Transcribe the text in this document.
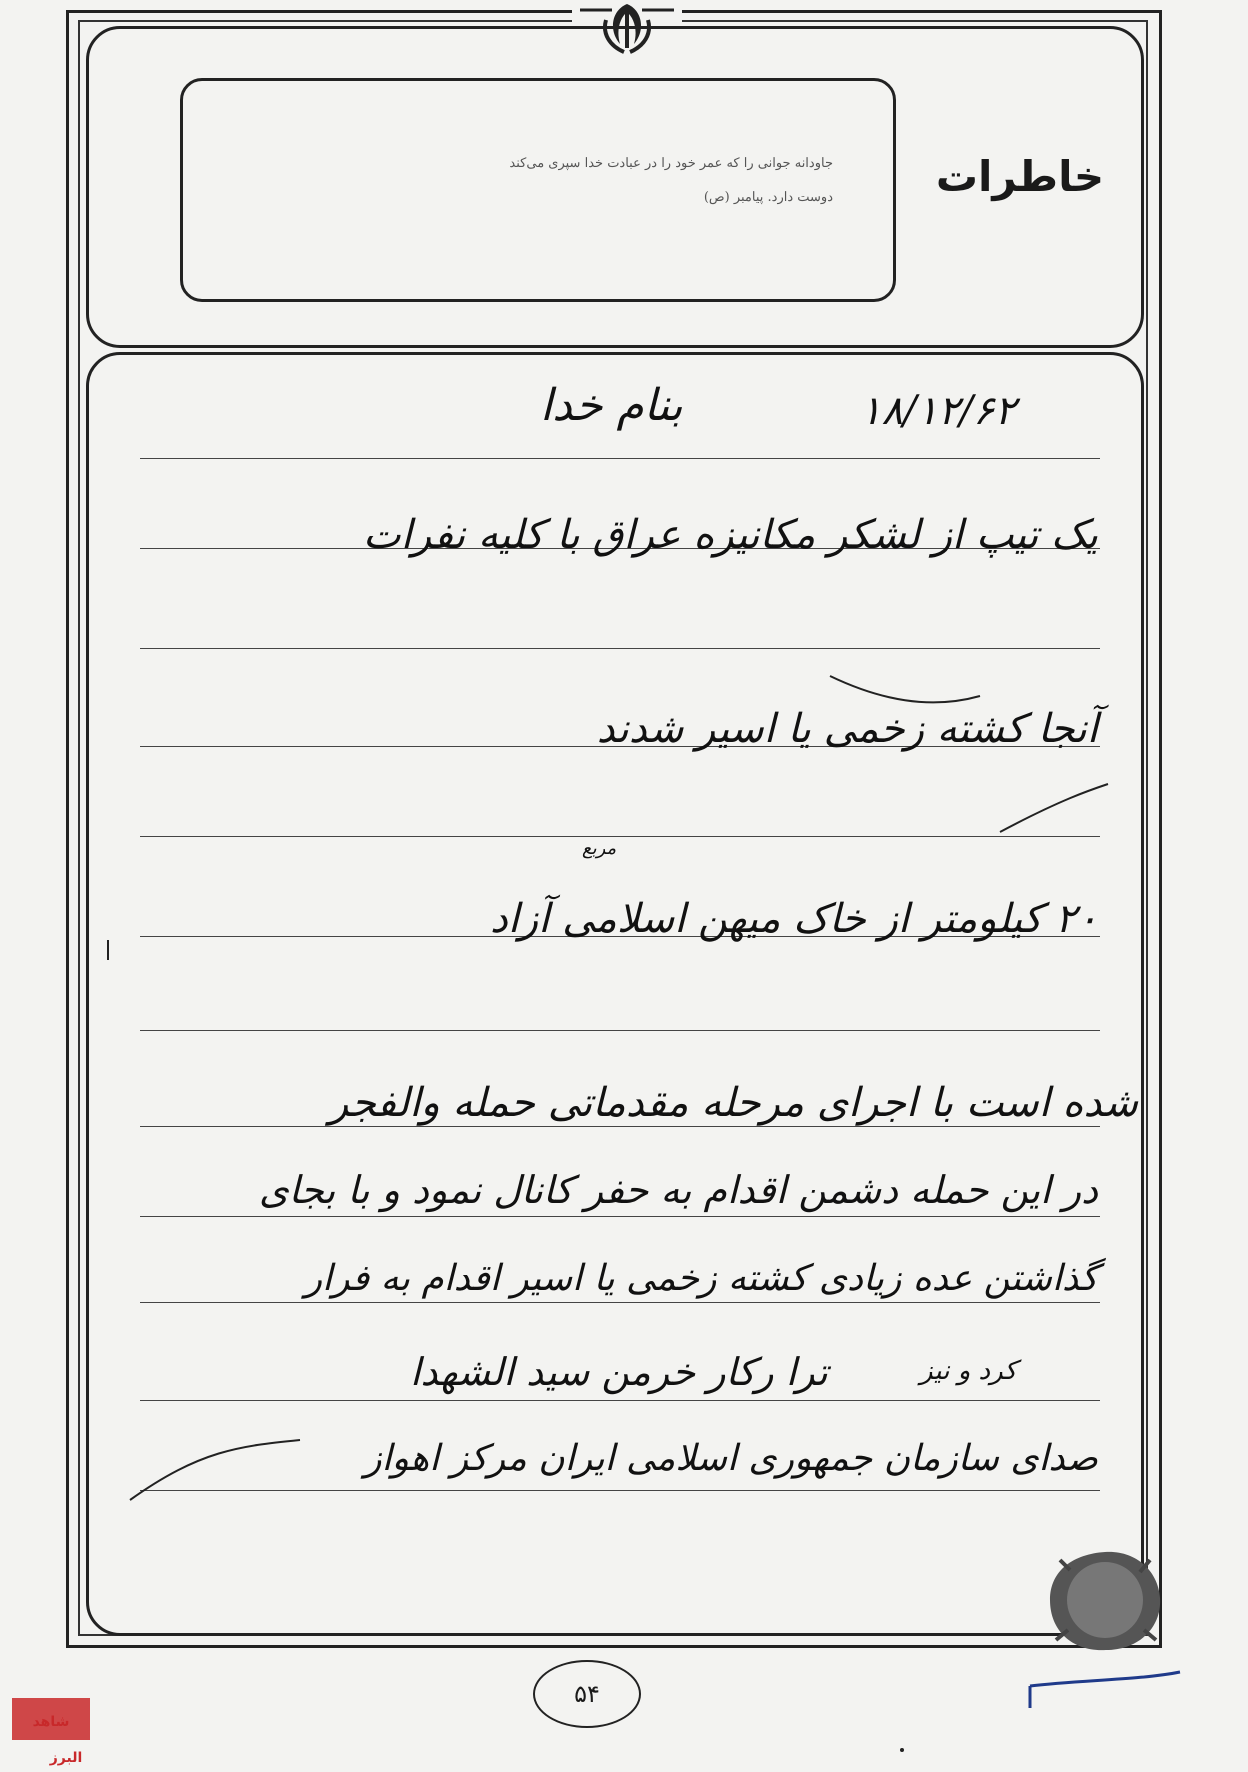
جاودانه جوانی را که عمر خود را در عبادت خدا سپری می‌کند
دوست دارد. پیامبر (ص)	خاطرات
۱۸/۱۲/۶۲
بنام خدا
یک تیپ از لشکر مکانیزه عراق با کلیه نفرات
آنجا کشته زخمی یا اسیر شدند
مربع
۲۰ کیلومتر از خاک میهن اسلامی آزاد
شده است با اجرای مرحله مقدماتی حمله والفجر
در این حمله دشمن اقدام به حفر کانال نمود و با بجای
گذاشتن عده زیادی کشته زخمی یا اسیر اقدام به فرار
ترا رکار خرمن سید الشهدا	کرد و نیز
صدای سازمان جمهوری اسلامی ایران مرکز اهواز
۵۴
شاهد
البرز
